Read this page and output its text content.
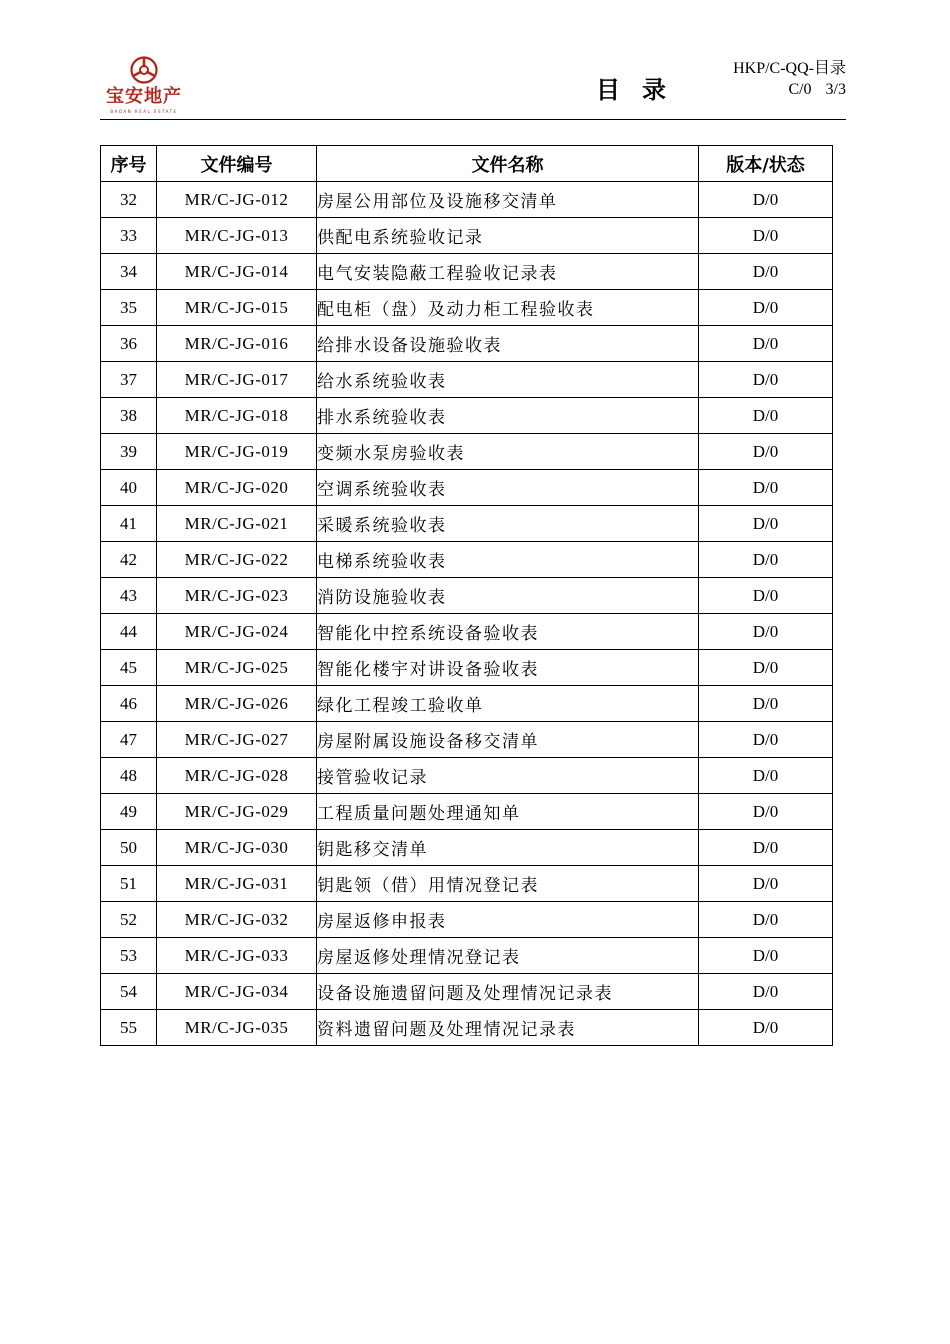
宝安地产
BAOAN REAL ESTATE
目录
HKP/C-QQ-目录
C/0 3/3
序号	文件编号	文件名称	版本/状态
32	MR/C-JG-012	房屋公用部位及设施移交清单	D/0
33	MR/C-JG-013	供配电系统验收记录	D/0
34	MR/C-JG-014	电气安装隐蔽工程验收记录表	D/0
35	MR/C-JG-015	配电柜（盘）及动力柜工程验收表	D/0
36	MR/C-JG-016	给排水设备设施验收表	D/0
37	MR/C-JG-017	给水系统验收表	D/0
38	MR/C-JG-018	排水系统验收表	D/0
39	MR/C-JG-019	变频水泵房验收表	D/0
40	MR/C-JG-020	空调系统验收表	D/0
41	MR/C-JG-021	采暖系统验收表	D/0
42	MR/C-JG-022	电梯系统验收表	D/0
43	MR/C-JG-023	消防设施验收表	D/0
44	MR/C-JG-024	智能化中控系统设备验收表	D/0
45	MR/C-JG-025	智能化楼宇对讲设备验收表	D/0
46	MR/C-JG-026	绿化工程竣工验收单	D/0
47	MR/C-JG-027	房屋附属设施设备移交清单	D/0
48	MR/C-JG-028	接管验收记录	D/0
49	MR/C-JG-029	工程质量问题处理通知单	D/0
50	MR/C-JG-030	钥匙移交清单	D/0
51	MR/C-JG-031	钥匙领（借）用情况登记表	D/0
52	MR/C-JG-032	房屋返修申报表	D/0
53	MR/C-JG-033	房屋返修处理情况登记表	D/0
54	MR/C-JG-034	设备设施遗留问题及处理情况记录表	D/0
55	MR/C-JG-035	资料遗留问题及处理情况记录表	D/0
